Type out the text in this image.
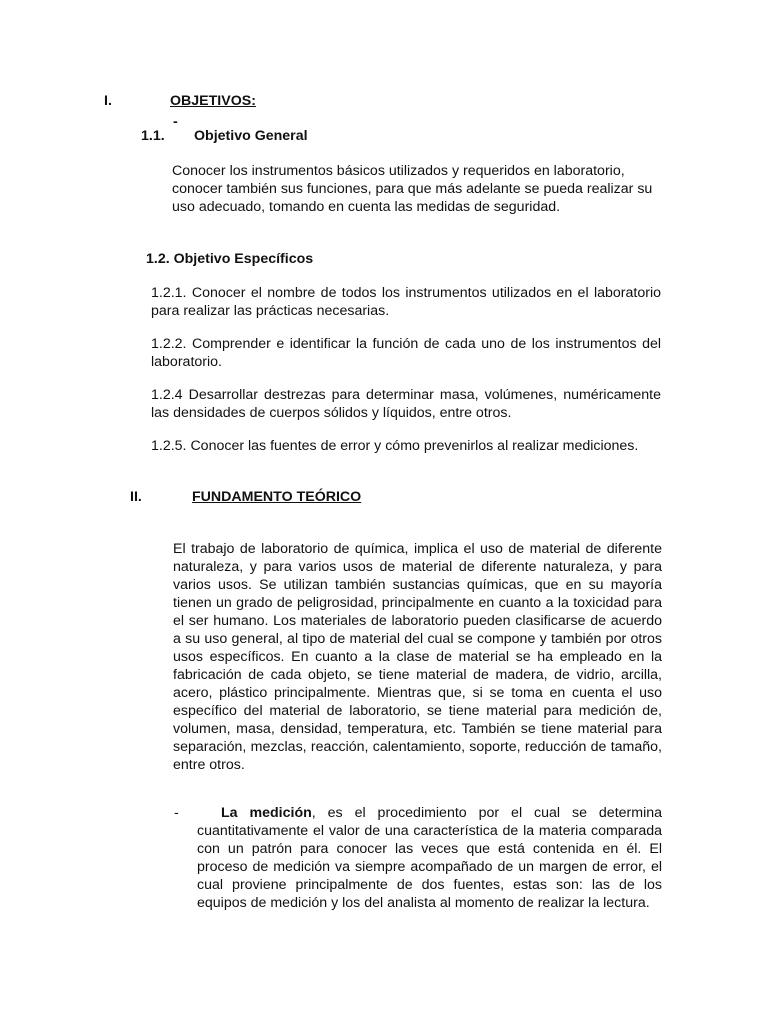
I.	OBJETIVOS:
1.1.
-
Objetivo General
Conocer los instrumentos básicos utilizados y requeridos en laboratorio, conocer también sus funciones, para que más adelante se pueda realizar su uso adecuado, tomando en cuenta las medidas de seguridad.
1.2. Objetivo Específicos
1.2.1. Conocer el nombre de todos los instrumentos utilizados en el laboratorio para realizar las prácticas necesarias.
1.2.2. Comprender e identificar la función de cada uno de los instrumentos del laboratorio.
1.2.4 Desarrollar destrezas para determinar masa, volúmenes, numéricamente las densidades de cuerpos sólidos y líquidos, entre otros.
1.2.5. Conocer las fuentes de error y cómo prevenirlos al realizar mediciones.
II.	FUNDAMENTO TEÓRICO
El trabajo de laboratorio de química, implica el uso de material de diferente naturaleza, y para varios usos de material de diferente naturaleza, y para varios usos. Se utilizan también sustancias químicas, que en su mayoría tienen un grado de peligrosidad, principalmente en cuanto a la toxicidad para el ser humano. Los materiales de laboratorio pueden clasificarse de acuerdo a su uso general, al tipo de material del cual se compone y también por otros usos específicos. En cuanto a la clase de material se ha empleado en la fabricación de cada objeto, se tiene material de madera, de vidrio, arcilla, acero, plástico principalmente. Mientras que, si se toma en cuenta el uso específico del material de laboratorio, se tiene material para medición de, volumen, masa, densidad, temperatura, etc. También se tiene material para separación, mezclas, reacción, calentamiento, soporte, reducción de tamaño, entre otros.
-	La medición, es el procedimiento por el cual se determina cuantitativamente el valor de una característica de la materia comparada con un patrón para conocer las veces que está contenida en él. El proceso de medición va siempre acompañado de un margen de error, el cual proviene principalmente de dos fuentes, estas son: las de los equipos de medición y los del analista al momento de realizar la lectura.
